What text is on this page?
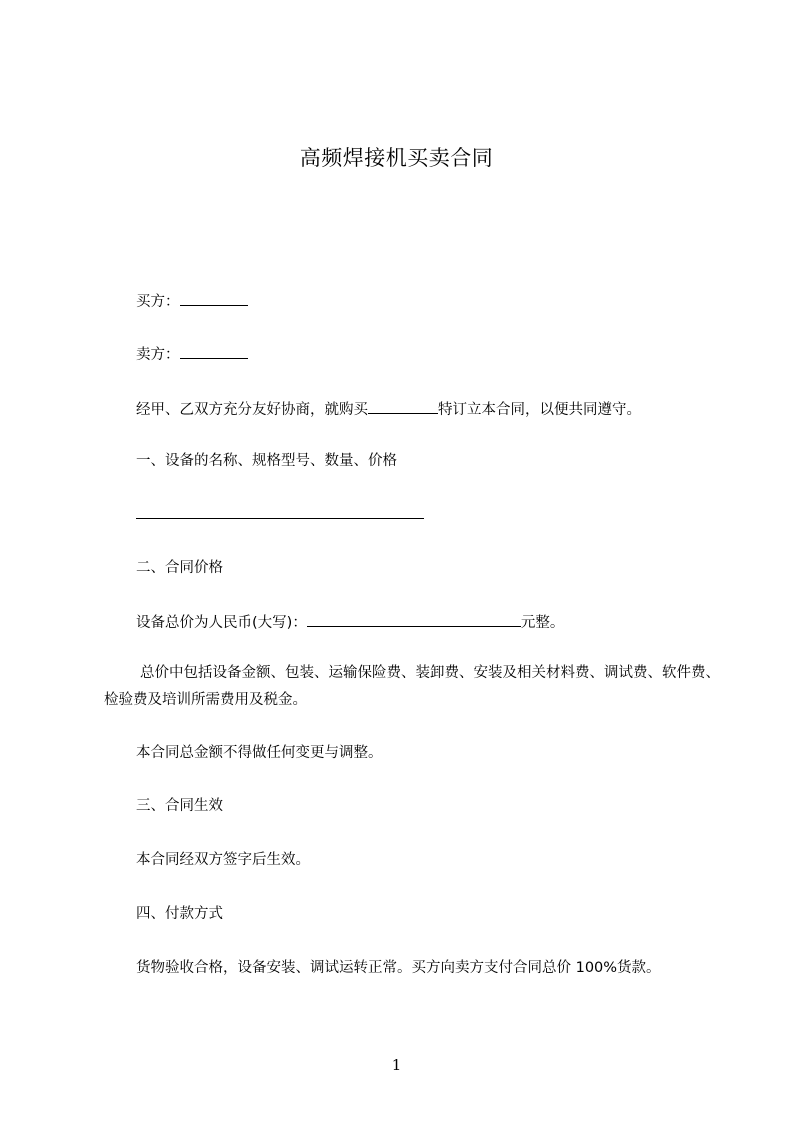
高频焊接机买卖合同
买方：
卖方：
经甲、乙双方充分友好协商，就购买	特订立本合同，以便共同遵守。
一、设备的名称、规格型号、数量、价格
二、合同价格
设备总价为人民币(大写)：	元整。
总价中包括设备金额、包装、运输保险费、装卸费、安装及相关材料费、调试费、软件费、检验费及培训所需费用及税金。
本合同总金额不得做任何变更与调整。
三、合同生效
本合同经双方签字后生效。
四、付款方式
货物验收合格，设备安装、调试运转正常。买方向卖方支付合同总价 100%货款。
1
